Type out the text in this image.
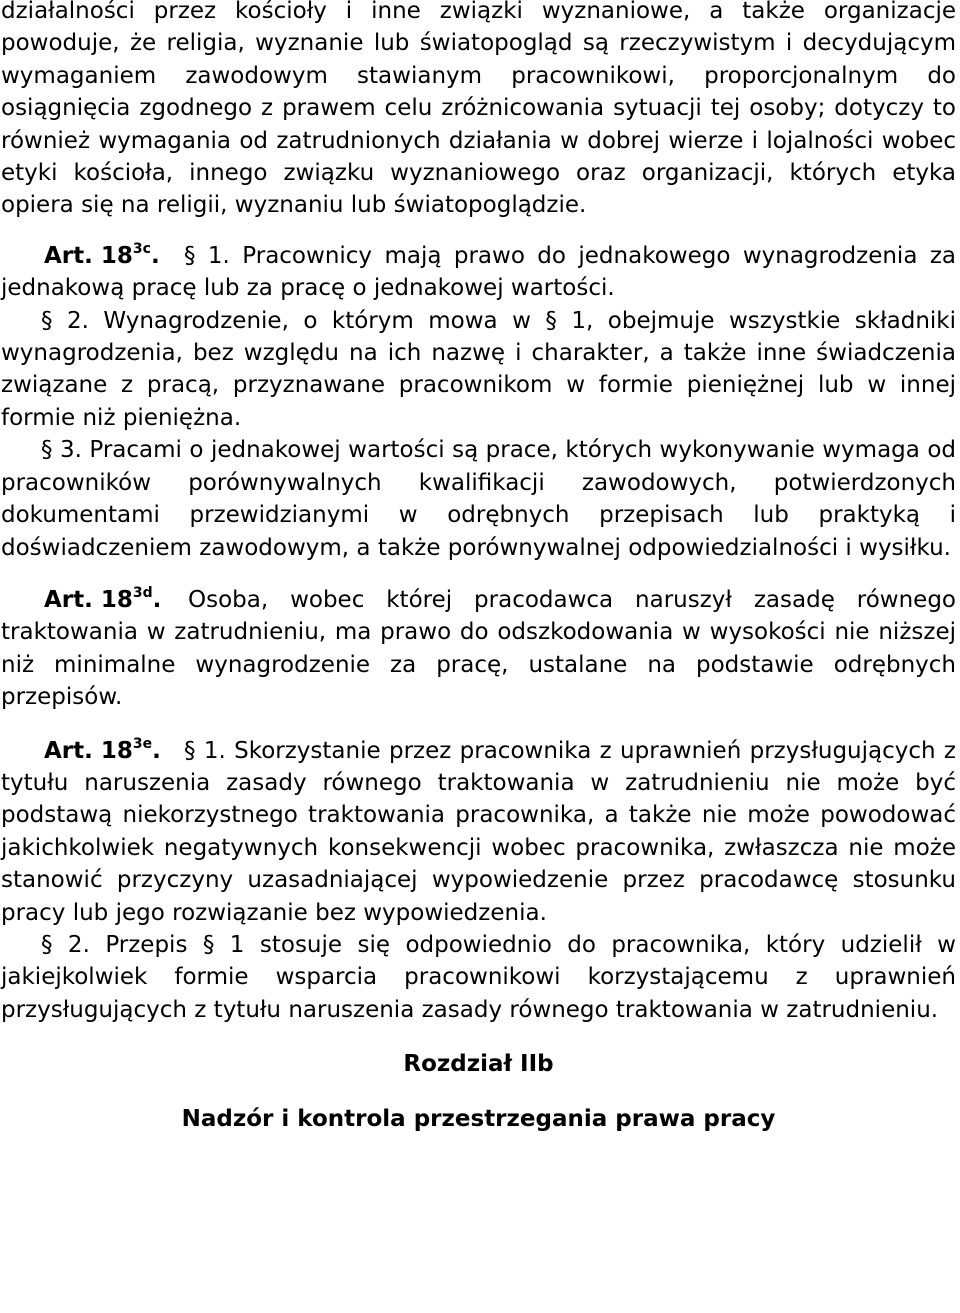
działalności przez kościoły i inne związki wyznaniowe, a także organizacje powoduje, że religia, wyznanie lub światopogląd są rzeczywistym i decydującym wymaganiem zawodowym stawianym pracownikowi, proporcjonalnym do osiągnięcia zgodnego z prawem celu zróżnicowania sytuacji tej osoby; dotyczy to również wymagania od zatrudnionych działania w dobrej wierze i lojalności wobec etyki kościoła, innego związku wyznaniowego oraz organizacji, których etyka opiera się na religii, wyznaniu lub światopoglądzie.

Art. $18^{3c}$.	§ 1. Pracownicy mają prawo do jednakowego wynagrodzenia za jednakową pracę lub za pracę o jednakowej wartości.

§ 2. Wynagrodzenie, o którym mowa w § 1, obejmuje wszystkie składniki wynagrodzenia, bez względu na ich nazwę i charakter, a także inne świadczenia związane z pracą, przyznawane pracownikom w formie pieniężnej lub w innej formie niż pieniężna.

§ 3. Pracami o jednakowej wartości są prace, których wykonywanie wymaga od pracowników porównywalnych kwalifikacji zawodowych, potwierdzonych dokumentami przewidzianymi w odrębnych przepisach lub praktyką i doświadczeniem zawodowym, a także porównywalnej odpowiedzialności i wysiłku.

Art. $18^{3d}$.	Osoba, wobec której pracodawca naruszył zasadę równego traktowania w zatrudnieniu, ma prawo do odszkodowania w wysokości nie niższej niż minimalne wynagrodzenie za pracę, ustalane na podstawie odrębnych przepisów.

Art. $18^{3e}$.	§ 1. Skorzystanie przez pracownika z uprawnień przysługujących z tytułu naruszenia zasady równego traktowania w zatrudnieniu nie może być podstawą niekorzystnego traktowania pracownika, a także nie może powodować jakichkolwiek negatywnych konsekwencji wobec pracownika, zwłaszcza nie może stanowić przyczyny uzasadniającej wypowiedzenie przez pracodawcę stosunku pracy lub jego rozwiązanie bez wypowiedzenia.

§ 2. Przepis § 1 stosuje się odpowiednio do pracownika, który udzielił w jakiejkolwiek formie wsparcia pracownikowi korzystającemu z uprawnień przysługujących z tytułu naruszenia zasady równego traktowania w zatrudnieniu.

Rozdział IIb

Nadzór i kontrola przestrzegania prawa pracy
